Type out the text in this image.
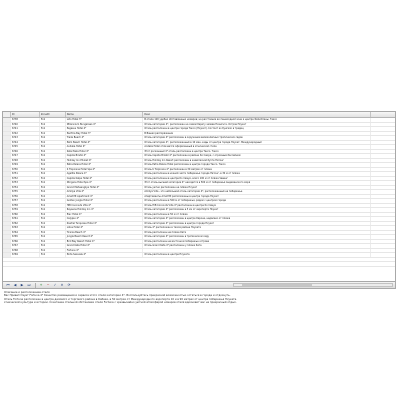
ID	ZoneID	Name	Desc
6738	511	Lido Hotel 3*	В отеле 120 удобно обставленных номеров; на расстоянии во пешеходной зоне и центре Филиппины. Таксо
6740	511	Millennium Bungalows 4*	Отель категории 4*, расположен на самом берегу залива Пхангнга. Остров Пхукет
6741	511	Pegasus Hotel 4*	Отель расположен в центре города Таксо (Пхукет). Состоит из бунгало в традиц
6742	511	Pacifica Bay Hotel 3*	В Ваших распоряжении
6743	511	Trade Beach 4*	Отель категории 4* расположен в окружении великолепных тропических садов
6744	511	Palm Beach Hotel 4*	Отель категории 4*, расположенный в 10 мин. езды от центра города Пхукет. Международный
6745	511	Andaka Hotel 4*	Andaka Hotel отличается оформленный в этнической стиле
6746	511	Kata Plaza Hotel 4*	Этот роскошный 4* отель расположен в центре Таксо. Таксо
6747	511	Capote Bristol 4*	Отель Capote Bristol 4* расположен в районе Ко Самуи, с огромным бассейном
6748	511	Holiday Inn Phuket 4*	Отель Holiday Inn Resort расположен в живописной бухте Патонг
6749	511	Patra Palace Hotel 4*	Отель Patra Palace Hotel расположен в центре города Таксо. Таксо
6750	511	K Tropicana Hotel Spa 4*	Отель K Tropicana 4* расположен в 30 метрах от пляжа
6751	511	Agelitis Palace 4*	Отель расположен в южной части побережья города Патонг, в 30 м от пляжа
6752	511	Capote Kalpa Hotel 4*	Отель расположен в центре Ко Самуи, всего 100 м от пляжа Чавенг
6753	511	Morgans Hotel Spa 4*	Этот отель высшей категории 4* находится в 500 м от побережья Андаманского моря
6754	511	Grand Mahaengkya Hotel 4*	Отель уютно расположен на пляже Пхукет
6755	511	Amiliya Villa 4*	Amiliya Villa - это небольшой отель категории 4*, расположенный на побережье
6756	511	Amat Mt Apartment 4*	Апартаменты Amat Mt расположены в центре города Пхукет
6757	511	Golden Jungle Hotel 4*	Отель расположен в 500 м от побережья, рядом с центром города
6758	511	HIB Coconuts Villa 4*	Отель HIB Coconuts Villa 4* расположен в центре Ко Самуи
6759	511	Rayaana Holiday Inn 4*	Отель категории 4* расположен в 5 км от аэропорта Пхукет
6760	511	Elec Hotel 4*	Отель расположен в 50 м от пляжа
6761	511	Calypso 4*	Отель категории 4* расположен в центре Карона, недалеко от пляжа
6762	511	Zoetrel Turquoise Hotel 4*	Отель категории 4* расположен в центре города Пхукет
6763	511	Lotus Hotel 4*	Отель 4* расположен в тихом районе Пхукета
6764	511	Tirania Beach 4*	Отель расположен на пляже Ката
6765	511	Jungle Beach Resort 4*	Отель категории 4* расположен в тропическом саду
6766	511	Bird Bay Resort Hotel 4*	Отель расположен на восточном побережье острова
6767	511	Grand Kata Hotel 4*	Отель Grand Kata 4* расположен у пляжа Ката
6768	511	Fortune 4*
6769	511	Pinta Seaview 4*	Отель расположен в центре Пхукета
⏮	◀	▶	⏭	+	−	✓	✕	⟳

Описание и расположение отеля

Вас Приветствует Fortuna 4* Качество размещения и сервиса этого отеля категории 4*. Воспользуйтесь прекрасной возможностью остаться в городе и отдохнуть.

Отель Fortuna расположен в центре делового и торгового района в Кабаки, в 50 метрах от Международного аэропорта 10 и в 90 метрах от центра побережья Пхукета.

этнической культуре и истории. Сочетание стильной обстановки отеля Fortuna с чрезвычайно уютной атмосферой номеров отеля вдохновит вас на прекрасный отдых.
